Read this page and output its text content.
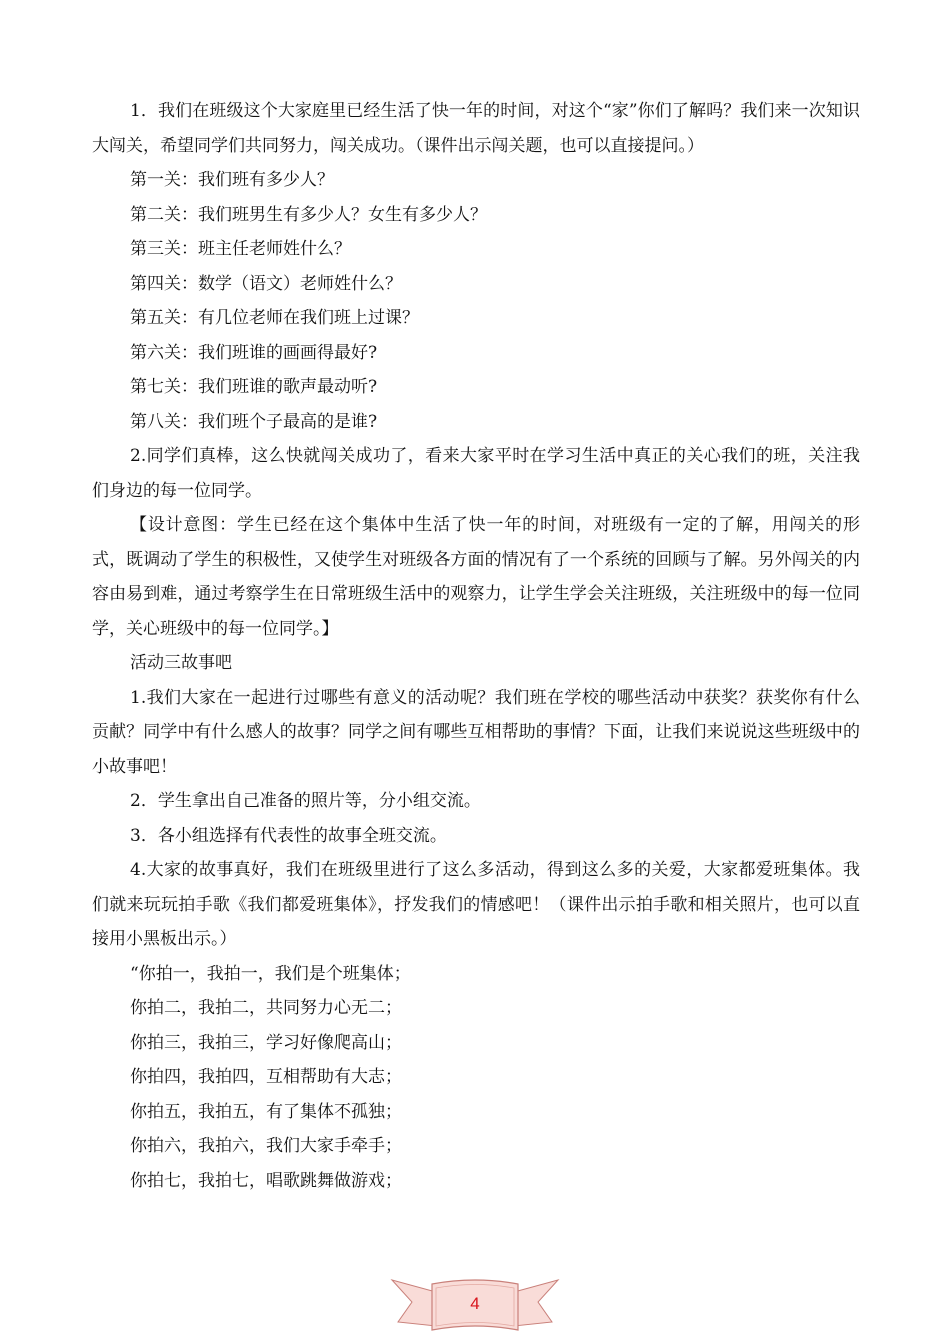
1．我们在班级这个大家庭里已经生活了快一年的时间，对这个“家”你们了解吗？我们来一次知识大闯关，希望同学们共同努力，闯关成功。（课件出示闯关题，也可以直接提问。）

第一关：我们班有多少人？

第二关：我们班男生有多少人？女生有多少人？

第三关：班主任老师姓什么？

第四关：数学（语文）老师姓什么？

第五关：有几位老师在我们班上过课？

第六关：我们班谁的画画得最好?

第七关：我们班谁的歌声最动听?

第八关：我们班个子最高的是谁?

2.同学们真棒，这么快就闯关成功了，看来大家平时在学习生活中真正的关心我们的班，关注我们身边的每一位同学。

【设计意图：学生已经在这个集体中生活了快一年的时间，对班级有一定的了解，用闯关的形式，既调动了学生的积极性，又使学生对班级各方面的情况有了一个系统的回顾与了解。另外闯关的内容由易到难，通过考察学生在日常班级生活中的观察力，让学生学会关注班级，关注班级中的每一位同学，关心班级中的每一位同学。】

活动三故事吧

1.我们大家在一起进行过哪些有意义的活动呢？我们班在学校的哪些活动中获奖？获奖你有什么贡献？同学中有什么感人的故事？同学之间有哪些互相帮助的事情？下面，让我们来说说这些班级中的小故事吧！

2．学生拿出自己准备的照片等，分小组交流。

3．各小组选择有代表性的故事全班交流。

4.大家的故事真好，我们在班级里进行了这么多活动，得到这么多的关爱，大家都爱班集体。我们就来玩玩拍手歌《我们都爱班集体》，抒发我们的情感吧！（课件出示拍手歌和相关照片，也可以直接用小黑板出示。）

“你拍一，我拍一，我们是个班集体；

你拍二，我拍二，共同努力心无二；

你拍三，我拍三，学习好像爬高山；

你拍四，我拍四，互相帮助有大志；

你拍五，我拍五，有了集体不孤独；

你拍六，我拍六，我们大家手牵手；

你拍七，我拍七，唱歌跳舞做游戏；

4
